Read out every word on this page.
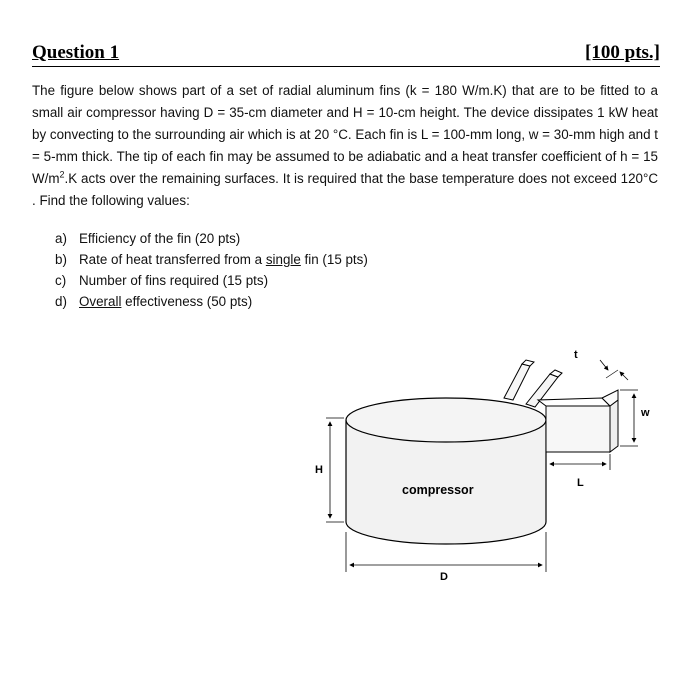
Question 1	[100 pts.]

The figure below shows part of a set of radial aluminum fins (k = 180 W/m.K) that are to be fitted to a small air compressor having D = 35-cm diameter and H = 10-cm height. The device dissipates 1 kW heat by convecting to the surrounding air which is at 20 °C. Each fin is L = 100-mm long, w = 30-mm high and t = 5-mm thick. The tip of each fin may be assumed to be adiabatic and a heat transfer coefficient of h = 15 $W/m^2.K$ acts over the remaining surfaces. It is required that the base temperature does not exceed 120°C . Find the following values:

a) Efficiency of the fin (20 pts)
b) Rate of heat transferred from a single fin (15 pts)
c) Number of fins required (15 pts)
d) Overall effectiveness (50 pts)
H
D
L
w
t
compressor
